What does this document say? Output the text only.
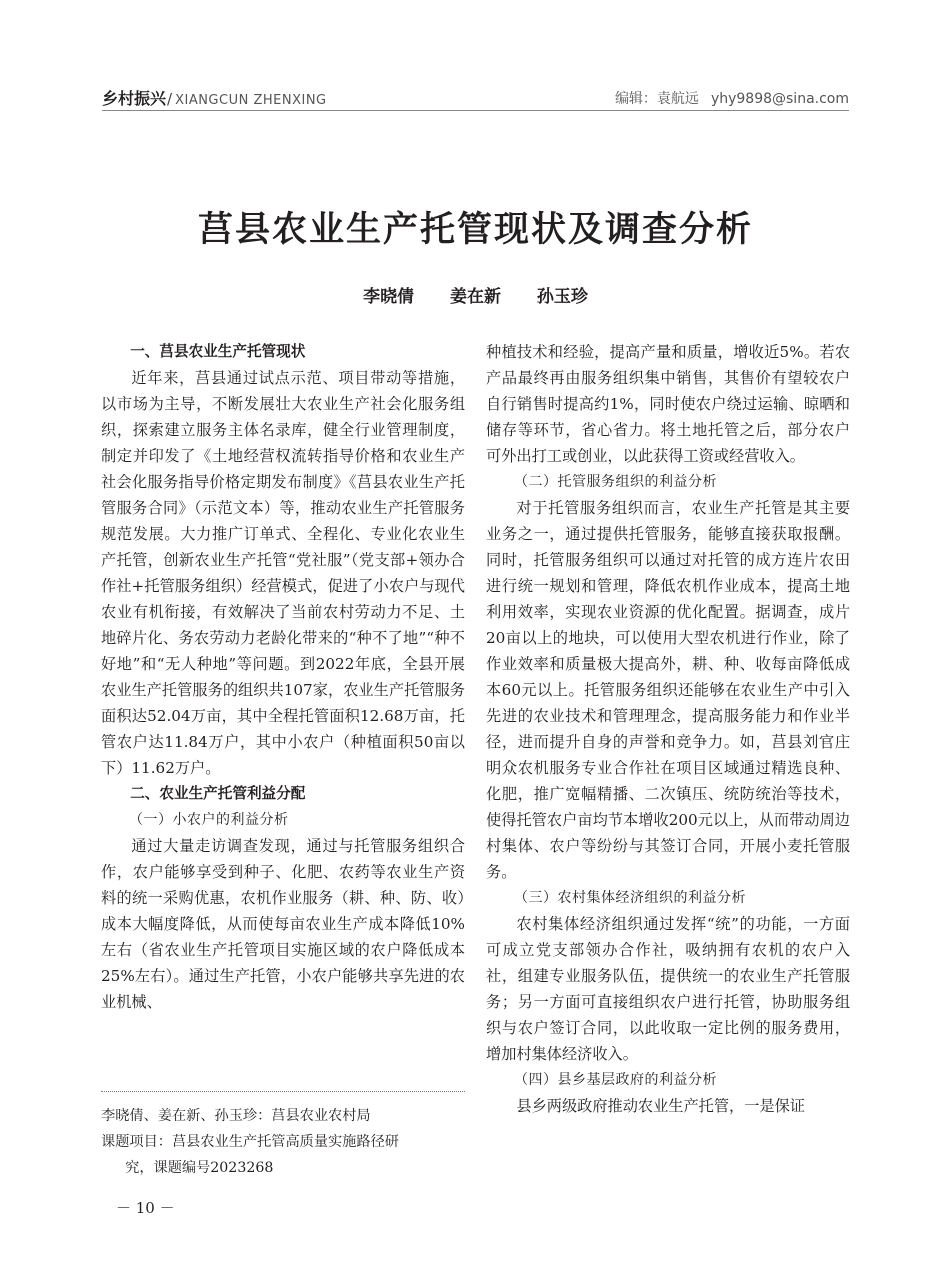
乡村振兴/ XIANGCUN ZHENXING	编辑：袁航远 yhy9898@sina.com
莒县农业生产托管现状及调查分析
李晓倩 姜在新 孙玉珍
一、莒县农业生产托管现状

近年来，莒县通过试点示范、项目带动等措施，以市场为主导，不断发展壮大农业生产社会化服务组织，探索建立服务主体名录库，健全行业管理制度，制定并印发了《土地经营权流转指导价格和农业生产社会化服务指导价格定期发布制度》《莒县农业生产托管服务合同》（示范文本）等，推动农业生产托管服务规范发展。大力推广订单式、全程化、专业化农业生产托管，创新农业生产托管“党社服”（党支部+领办合作社+托管服务组织）经营模式，促进了小农户与现代农业有机衔接，有效解决了当前农村劳动力不足、土地碎片化、务农劳动力老龄化带来的“种不了地”“种不好地”和“无人种地”等问题。到2022年底，全县开展农业生产托管服务的组织共107家，农业生产托管服务面积达52.04万亩，其中全程托管面积12.68万亩，托管农户达11.84万户，其中小农户（种植面积50亩以下）11.62万户。

二、农业生产托管利益分配
（一）小农户的利益分析

通过大量走访调查发现，通过与托管服务组织合作，农户能够享受到种子、化肥、农药等农业生产资料的统一采购优惠，农机作业服务（耕、种、防、收）成本大幅度降低，从而使每亩农业生产成本降低10%左右（省农业生产托管项目实施区域的农户降低成本25%左右）。通过生产托管，小农户能够共享先进的农业机械、

种植技术和经验，提高产量和质量，增收近5%。若农产品最终再由服务组织集中销售，其售价有望较农户自行销售时提高约1%，同时使农户绕过运输、晾晒和储存等环节，省心省力。将土地托管之后，部分农户可外出打工或创业，以此获得工资或经营收入。

（二）托管服务组织的利益分析

对于托管服务组织而言，农业生产托管是其主要业务之一，通过提供托管服务，能够直接获取报酬。同时，托管服务组织可以通过对托管的成方连片农田进行统一规划和管理，降低农机作业成本，提高土地利用效率，实现农业资源的优化配置。据调查，成片20亩以上的地块，可以使用大型农机进行作业，除了作业效率和质量极大提高外，耕、种、收每亩降低成本60元以上。托管服务组织还能够在农业生产中引入先进的农业技术和管理理念，提高服务能力和作业半径，进而提升自身的声誉和竞争力。如，莒县刘官庄明众农机服务专业合作社在项目区域通过精选良种、化肥，推广宽幅精播、二次镇压、统防统治等技术，使得托管农户亩均节本增收200元以上，从而带动周边村集体、农户等纷纷与其签订合同，开展小麦托管服务。

（三）农村集体经济组织的利益分析

农村集体经济组织通过发挥“统”的功能，一方面可成立党支部领办合作社，吸纳拥有农机的农户入社，组建专业服务队伍，提供统一的农业生产托管服务；另一方面可直接组织农户进行托管，协助服务组织与农户签订合同，以此收取一定比例的服务费用，增加村集体经济收入。

（四）县乡基层政府的利益分析

县乡两级政府推动农业生产托管，一是保证

李晓倩、姜在新、孙玉珍：莒县农业农村局
课题项目：莒县农业生产托管高质量实施路径研
究，课题编号2023268
－ 10 －
